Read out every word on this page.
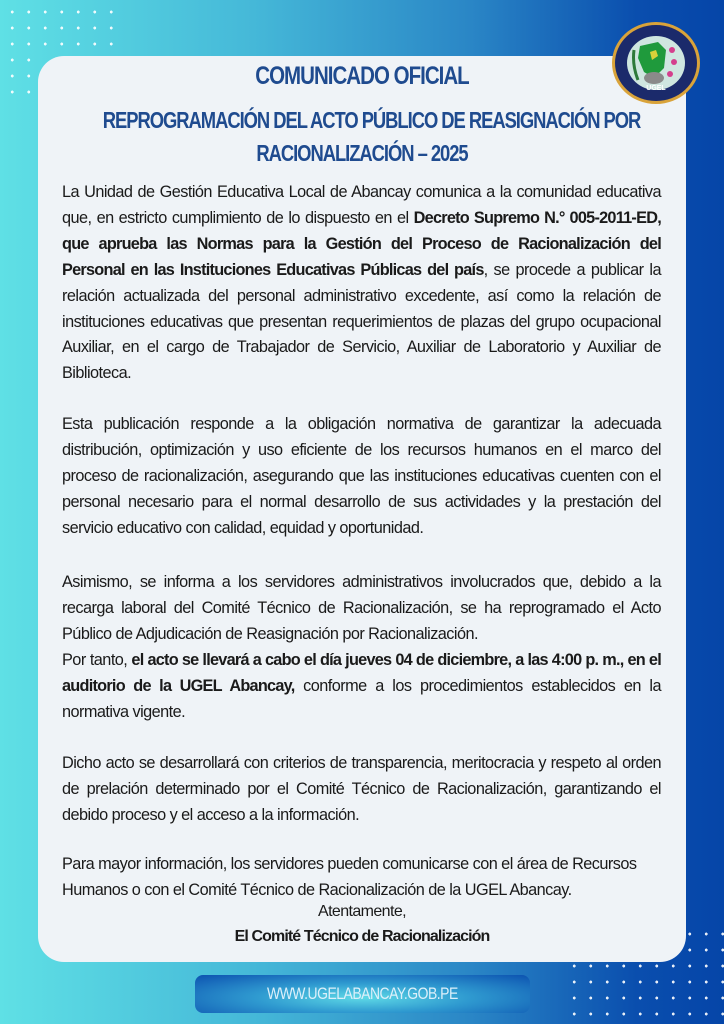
UGEL
COMUNICADO OFICIAL
REPROGRAMACIÓN DEL ACTO PÚBLICO DE REASIGNACIÓN POR
RACIONALIZACIÓN – 2025

La Unidad de Gestión Educativa Local de Abancay comunica a la comunidad educativa que, en estricto cumplimiento de lo dispuesto en el Decreto Supremo N.° 005-2011-ED, que aprueba las Normas para la Gestión del Proceso de Racionalización del Personal en las Instituciones Educativas Públicas del país, se procede a publicar la relación actualizada del personal administrativo excedente, así como la relación de instituciones educativas que presentan requerimientos de plazas del grupo ocupacional Auxiliar, en el cargo de Trabajador de Servicio, Auxiliar de Laboratorio y Auxiliar de Biblioteca.

Esta publicación responde a la obligación normativa de garantizar la adecuada distribución, optimización y uso eficiente de los recursos humanos en el marco del proceso de racionalización, asegurando que las instituciones educativas cuenten con el personal necesario para el normal desarrollo de sus actividades y la prestación del servicio educativo con calidad, equidad y oportunidad.

Asimismo, se informa a los servidores administrativos involucrados que, debido a la recarga laboral del Comité Técnico de Racionalización, se ha reprogramado el Acto Público de Adjudicación de Reasignación por Racionalización.

Por tanto, el acto se llevará a cabo el día jueves 04 de diciembre, a las 4:00 p. m., en el auditorio de la UGEL Abancay, conforme a los procedimientos establecidos en la normativa vigente.

Dicho acto se desarrollará con criterios de transparencia, meritocracia y respeto al orden de prelación determinado por el Comité Técnico de Racionalización, garantizando el debido proceso y el acceso a la información.

Para mayor información, los servidores pueden comunicarse con el área de Recursos Humanos o con el Comité Técnico de Racionalización de la UGEL Abancay.

Atentamente,
El Comité Técnico de Racionalización
WWW.UGELABANCAY.GOB.PE
